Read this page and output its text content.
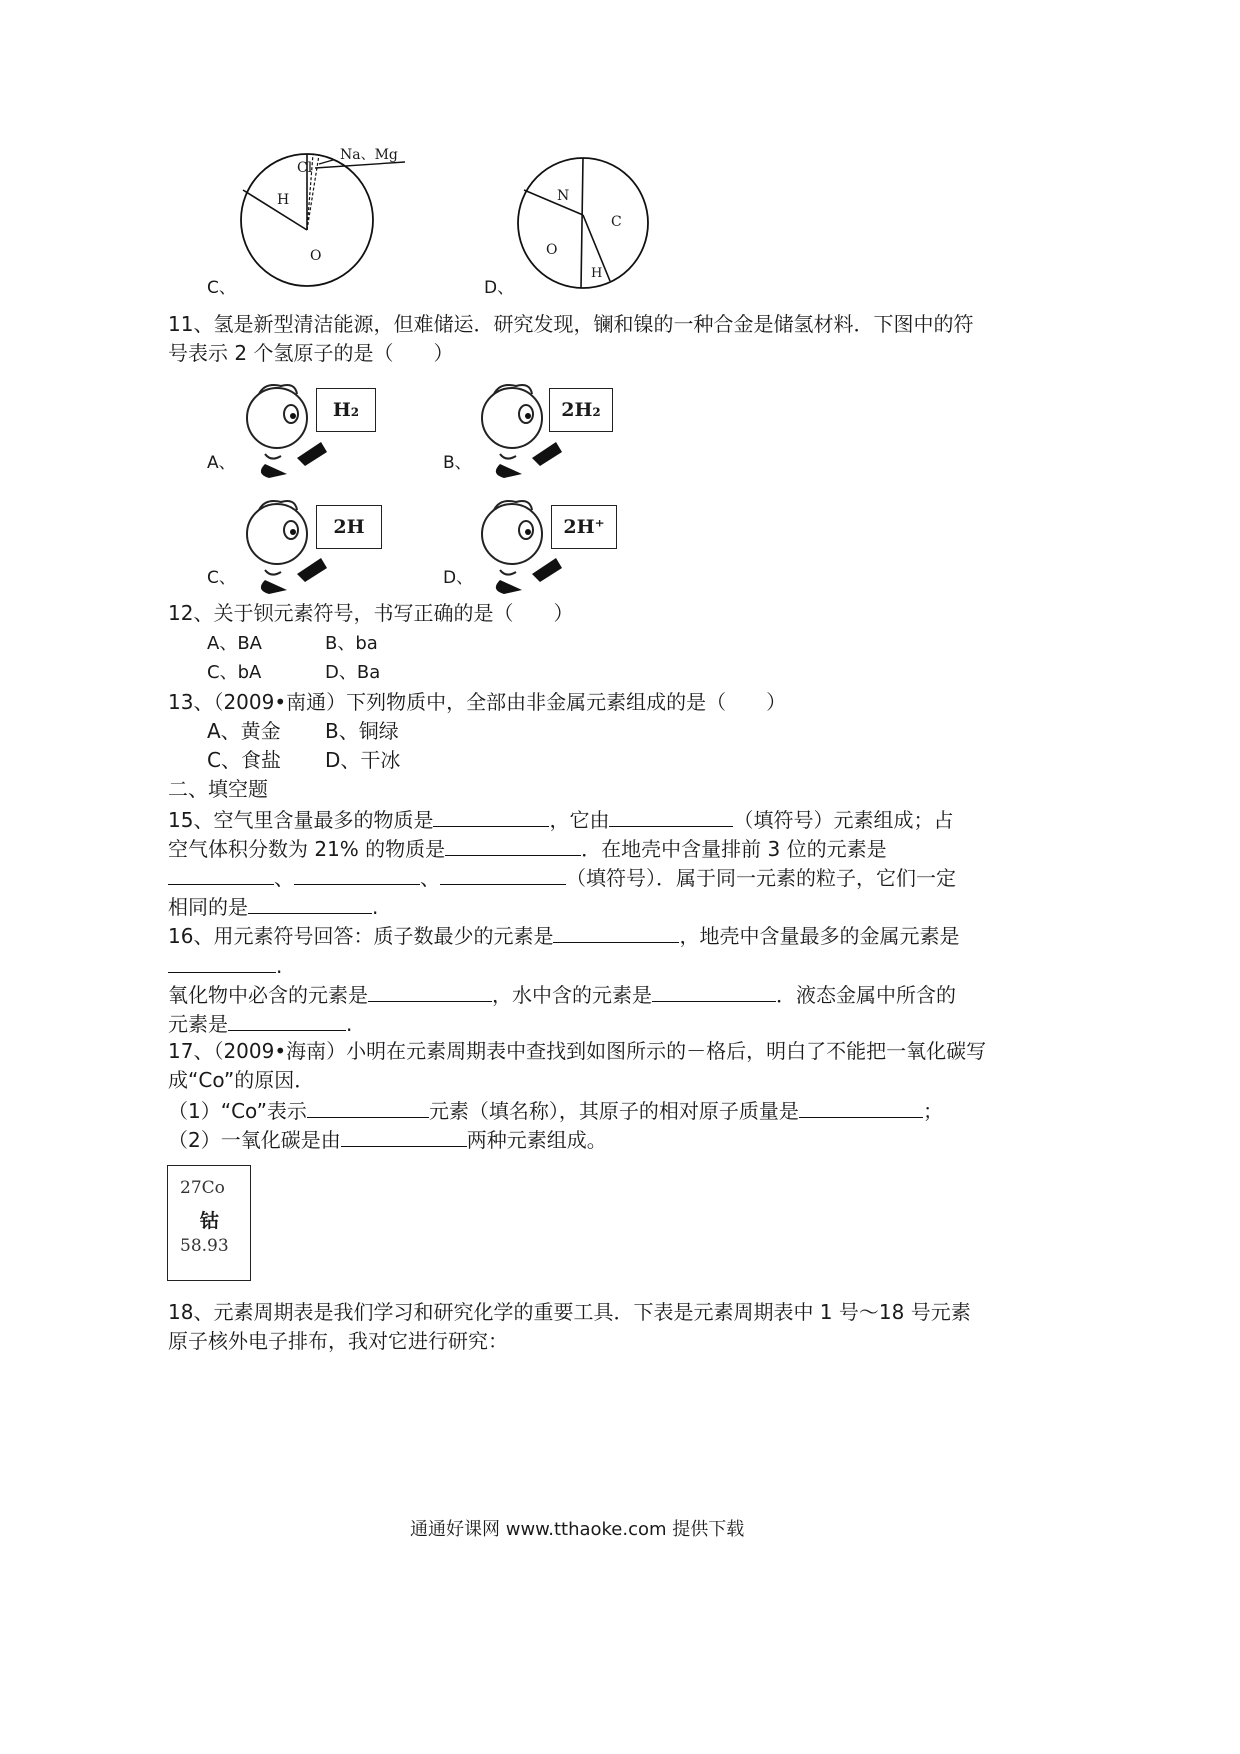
Cl
Na、Mg
H
O
C、
N
C
O
H
D、
11、氢是新型清洁能源，但难储运．研究发现，镧和镍的一种合金是储氢材料．下图中的符
号表示 2 个氢原子的是（　　）
A、
H₂
B、
2H₂
C、
2H
D、
2H⁺
12、关于钡元素符号，书写正确的是（　　）
A、BA	B、ba
C、bA	D、Ba
13、（2009•南通）下列物质中，全部由非金属元素组成的是（　　）
A、黄金 B、铜绿
C、食盐 D、干冰
二、填空题
15、空气里含量最多的物质是	，它由	（填符号）元素组成；占
空气体积分数为 21% 的物质是	．在地壳中含量排前 3 位的元素是
、	、	（填符号）．属于同一元素的粒子，它们一定
相同的是	.
16、用元素符号回答：质子数最少的元素是	，地壳中含量最多的金属元素是
.
氧化物中必含的元素是	，水中含的元素是	．液态金属中所含的
元素是	.
17、（2009•海南）小明在元素周期表中查找到如图所示的－格后，明白了不能把一氧化碳写
成“Co”的原因．
（1）“Co”表示	元素（填名称），其原子的相对原子质量是	；
（2）一氧化碳是由	两种元素组成。
27Co
钴
58.93
18、元素周期表是我们学习和研究化学的重要工具．下表是元素周期表中 1 号～18 号元素
原子核外电子排布，我对它进行研究：
通通好课网 www.tthaoke.com 提供下载
